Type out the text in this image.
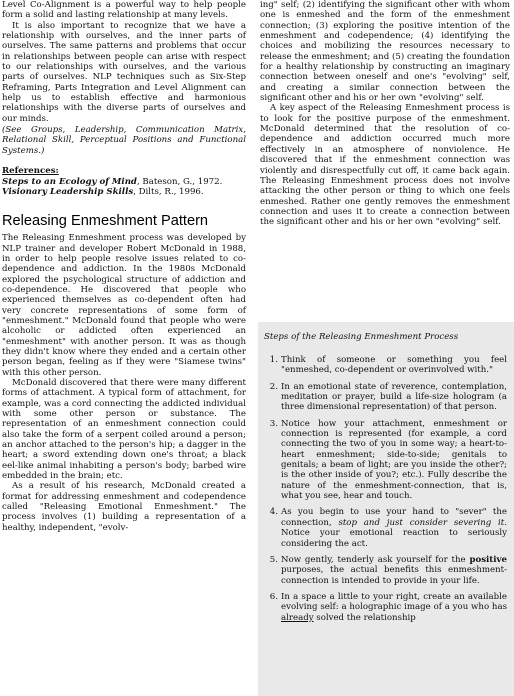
Level Co-Alignment is a powerful way to help people form a solid and lasting relationship at many levels.

It is also important to recognize that we have a relationship with ourselves, and the inner parts of ourselves. The same patterns and problems that occur in relationships between people can arise with respect to our relationships with ourselves, and the various parts of ourselves. NLP techniques such as Six-Step Reframing, Parts Integration and Level Alignment can help us to establish effective and harmonious relationships with the diverse parts of ourselves and our minds.

(See Groups, Leadership, Communication Matrix, Relational Skill, Perceptual Positions and Functional Systems.)

References:

Steps to an Ecology of Mind, Bateson, G., 1972.

Visionary Leadership Skills, Dilts, R., 1996.

Releasing Enmeshment Pattern

The Releasing Enmeshment process was developed by NLP trainer and developer Robert McDonald in 1988, in order to help people resolve issues related to co-dependence and addiction. In the 1980s McDonald explored the psychological structure of addiction and co-dependence. He discovered that people who experienced themselves as co-dependent often had very concrete representations of some form of "enmeshment." McDonald found that people who were alcoholic or addicted often experienced an "enmeshment" with another person. It was as though they didn't know where they ended and a certain other person began, feeling as if they were "Siamese twins" with this other person.

McDonald discovered that there were many different forms of attachment. A typical form of attachment, for example, was a cord connecting the addicted individual with some other person or substance. The representation of an enmeshment connection could also take the form of a serpent coiled around a person; an anchor attached to the person's hip; a dagger in the heart; a sword extending down one's throat; a black eel-like animal inhabiting a person's body; barbed wire embedded in the brain; etc.

As a result of his research, McDonald created a format for addressing enmeshment and codependence called "Releasing Emotional Enmeshment." The process involves (1) building a representation of a healthy, independent, "evolv-

ing" self; (2) identifying the significant other with whom one is enmeshed and the form of the enmeshment connection; (3) exploring the positive intention of the enmeshment and codependence; (4) identifying the choices and mobilizing the resources necessary to release the enmeshment; and (5) creating the foundation for a healthy relationship by constructing an imaginary connection between oneself and one's "evolving" self, and creating a similar connection between the significant other and his or her own "evolving" self.

A key aspect of the Releasing Enmeshment process is to look for the positive purpose of the enmeshment. McDonald determined that the resolution of co-dependence and addiction occurred much more effectively in an atmosphere of nonviolence. He discovered that if the enmeshment connection was violently and disrespectfully cut off, it came back again. The Releasing Enmeshment process does not involve attacking the other person or thing to which one feels enmeshed. Rather one gently removes the enmeshment connection and uses it to create a connection between the significant other and his or her own "evolving" self.

Steps of the Releasing Enmeshment Process
1. Think of someone or something you feel "enmeshed, co-dependent or overinvolved with."
2. In an emotional state of reverence, contemplation, meditation or prayer, build a life-size hologram (a three dimensional representation) of that person.
3. Notice how your attachment, enmeshment or connection is represented (for example, a cord connecting the two of you in some way; a heart-to-heart enmeshment; side-to-side; genitals to genitals; a beam of light; are you inside the other?; is the other inside of you?; etc.). Fully describe the nature of the enmeshment-connection, that is, what you see, hear and touch.
4. As you begin to use your hand to "sever" the connection, stop and just consider severing it. Notice your emotional reaction to seriously considering the act.
5. Now gently, tenderly ask yourself for the positive purposes, the actual benefits this enmeshment-connection is intended to provide in your life.
6. In a space a little to your right, create an available evolving self: a holographic image of a you who has already solved the relationship
